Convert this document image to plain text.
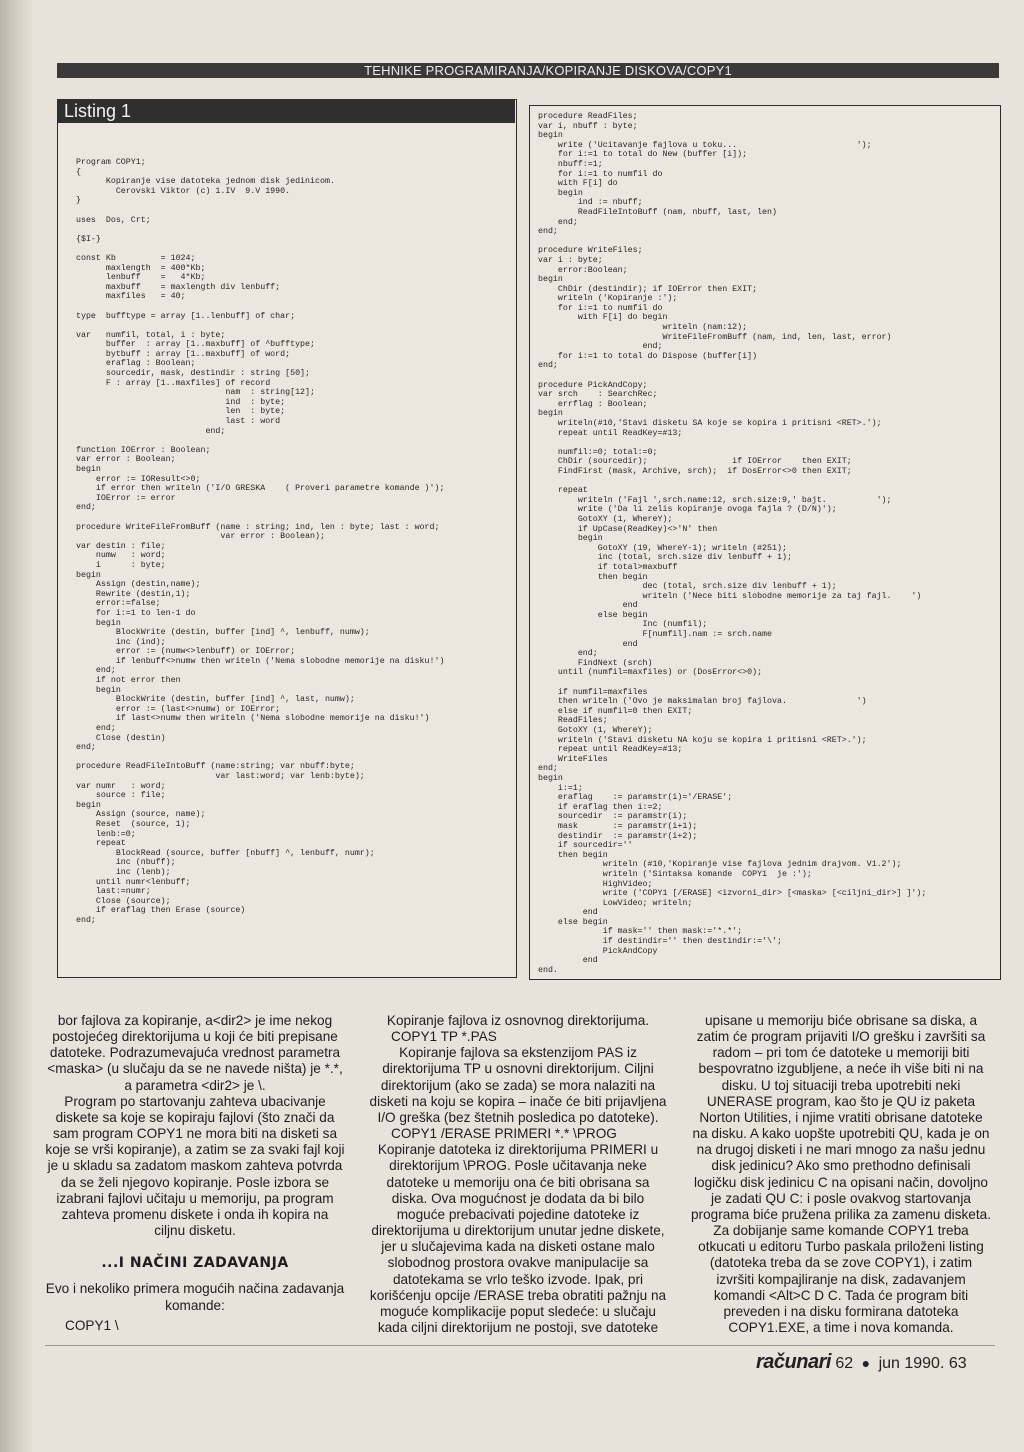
TEHNIKE PROGRAMIRANJA/KOPIRANJE DISKOVA/COPY1
Program COPY1;
{
Kopiranje vise datoteka jednom disk jedinicom.
Cerovski Viktor (c) 1.IV  9.V 1990.
}

uses  Dos, Crt;

{$I-}

const Kb         = 1024;
maxlength  = 400*Kb;
lenbuff    =   4*Kb;
maxbuff    = maxlength div lenbuff;
maxfiles   = 40;

type  bufftype = array [1..lenbuff] of char;

var   numfil, total, i : byte;
buffer  : array [1..maxbuff] of ^bufftype;
bytbuff : array [1..maxbuff] of word;
eraflag : Boolean;
sourcedir, mask, destindir : string [50];
F : array [1..maxfiles] of record
nam  : string[12];
ind  : byte;
len  : byte;
last : word
end;

function IOError : Boolean;
var error : Boolean;
begin
error := IOResult<>0;
if error then writeln ('I/O GRESKA    ( Proveri parametre komande )');
IOError := error
end;

procedure WriteFileFromBuff (name : string; ind, len : byte; last : word;
var error : Boolean);
var destin : file;
numw   : word;
i      : byte;
begin
Assign (destin,name);
Rewrite (destin,1);
error:=false;
for i:=1 to len-1 do
begin
BlockWrite (destin, buffer [ind] ^, lenbuff, numw);
inc (ind);
error := (numw<>lenbuff) or IOError;
if lenbuff<>numw then writeln ('Nema slobodne memorije na disku!')
end;
if not error then
begin
BlockWrite (destin, buffer [ind] ^, last, numw);
error := (last<>numw) or IOError;
if last<>numw then writeln ('Nema slobodne memorije na disku!')
end;
Close (destin)
end;

procedure ReadFileIntoBuff (name:string; var nbuff:byte;
var last:word; var lenb:byte);
var numr   : word;
source : file;
begin
Assign (source, name);
Reset  (source, 1);
lenb:=0;
repeat
BlockRead (source, buffer [nbuff] ^, lenbuff, numr);
inc (nbuff);
inc (lenb);
until numr<lenbuff;
last:=numr;
Close (source);
if eraflag then Erase (source)
end;
Listing 1	procedure ReadFiles;
var i, nbuff : byte;
begin
write ('Ucitavanje fajlova u toku...                        ');
for i:=1 to total do New (buffer [i]);
nbuff:=1;
for i:=1 to numfil do
with F[i] do
begin
ind := nbuff;
ReadFileIntoBuff (nam, nbuff, last, len)
end;
end;

procedure WriteFiles;
var i : byte;
error:Boolean;
begin
ChDir (destindir); if IOError then EXIT;
writeln ('Kopiranje :');
for i:=1 to numfil do
with F[i] do begin
writeln (nam:12);
WriteFileFromBuff (nam, ind, len, last, error)
end;
for i:=1 to total do Dispose (buffer[i])
end;

procedure PickAndCopy;
var srch    : SearchRec;
errflag : Boolean;
begin
writeln(#10,'Stavi disketu SA koje se kopira i pritisni <RET>.');
repeat until ReadKey=#13;

numfil:=0; total:=0;
ChDir (sourcedir);                 if IOError    then EXIT;
FindFirst (mask, Archive, srch);  if DosError<>0 then EXIT;

repeat
writeln ('Fajl ',srch.name:12, srch.size:9,' bajt.          ');
write ('Da li zelis kopiranje ovoga fajla ? (D/N)');
GotoXY (1, WhereY);
if UpCase(ReadKey)<>'N' then
begin
GotoXY (19, WhereY-1); writeln (#251);
inc (total, srch.size div lenbuff + 1);
if total>maxbuff
then begin
dec (total, srch.size div lenbuff + 1);
writeln ('Nece biti slobodne memorije za taj fajl.    ')
end
else begin
Inc (numfil);
F[numfil].nam := srch.name
end
end;
FindNext (srch)
until (numfil=maxfiles) or (DosError<>0);

if numfil=maxfiles
then writeln ('Ovo je maksimalan broj fajlova.              ')
else if numfil=0 then EXIT;
ReadFiles;
GotoXY (1, WhereY);
writeln ('Stavi disketu NA koju se kopira i pritisni <RET>.');
repeat until ReadKey=#13;
WriteFiles
end;
begin
i:=1;
eraflag    := paramstr(i)='/ERASE';
if eraflag then i:=2;
sourcedir  := paramstr(i);
mask       := paramstr(i+1);
destindir  := paramstr(i+2);
if sourcedir=''
then begin
writeln (#10,'Kopiranje vise fajlova jednim drajvom. V1.2');
writeln ('Sintaksa komande  COPY1  je :');
HighVideo;
write ('COPY1 [/ERASE] <izvorni_dir> [<maska> [<ciljni_dir>] ]');
LowVideo; writeln;
end
else begin
if mask='' then mask:='*.*';
if destindir='' then destindir:='\';
PickAndCopy
end
end.

bor fajlova za kopiranje, a<dir2> je ime nekog postojećeg direktorijuma u koji će biti prepisane datoteke. Podrazumevajuća vrednost parametra <maska> (u slučaju da se ne navede ništa) je *.*, a parametra <dir2> je \.

Program po startovanju zahteva ubacivanje diskete sa koje se kopiraju fajlovi (što znači da sam program COPY1 ne mora biti na disketi sa koje se vrši kopiranje), a zatim se za svaki fajl koji je u skladu sa zadatom maskom zahteva potvrda da se želi njegovo kopiranje. Posle izbora se izabrani fajlovi učitaju u memoriju, pa program zahteva promenu diskete i onda ih kopira na ciljnu disketu.

...I NAČINI ZADAVANJA

Evo i nekoliko primera mogućih načina zadavanja komande:

COPY1 \

Kopiranje fajlova iz osnovnog direktorijuma.

COPY1 TP *.PAS

Kopiranje fajlova sa ekstenzijom PAS iz direktorijuma TP u osnovni direktorijum. Ciljni direktorijum (ako se zada) se mora nalaziti na disketi na koju se kopira – inače će biti prijavljena I/O greška (bez štetnih posledica po datoteke).

COPY1 /ERASE PRIMERI *.* \PROG

Kopiranje datoteka iz direktorijuma PRIMERI u direktorijum \PROG. Posle učitavanja neke datoteke u memoriju ona će biti obrisana sa diska. Ova mogućnost je dodata da bi bilo moguće prebacivati pojedine datoteke iz direktorijuma u direktorijum unutar jedne diskete, jer u slučajevima kada na disketi ostane malo slobodnog prostora ovakve manipulacije sa datotekama se vrlo teško izvode. Ipak, pri korišćenju opcije /ERASE treba obratiti pažnju na moguće komplikacije poput sledeće: u slučaju kada ciljni direktorijum ne postoji, sve datoteke

upisane u memoriju biće obrisane sa diska, a zatim će program prijaviti I/O grešku i završiti sa radom – pri tom će datoteke u memoriji biti bespovratno izgubljene, a neće ih više biti ni na disku. U toj situaciji treba upotrebiti neki UNERASE program, kao što je QU iz paketa Norton Utilities, i njime vratiti obrisane datoteke na disku. A kako uopšte upotrebiti QU, kada je on na drugoj disketi i ne mari mnogo za našu jednu disk jedinicu? Ako smo prethodno definisali logičku disk jedinicu C na opisani način, dovoljno je zadati QU C: i posle ovakvog startovanja programa biće pružena prilika za zamenu disketa.

Za dobijanje same komande COPY1 treba otkucati u editoru Turbo paskala priloženi listing (datoteka treba da se zove COPY1), i zatim izvršiti kompajliranje na disk, zadavanjem komandi <Alt>C D C. Tada će program biti preveden i na disku formirana datoteka COPY1.EXE, a time i nova komanda.

računari 62 ● jun 1990. 63
